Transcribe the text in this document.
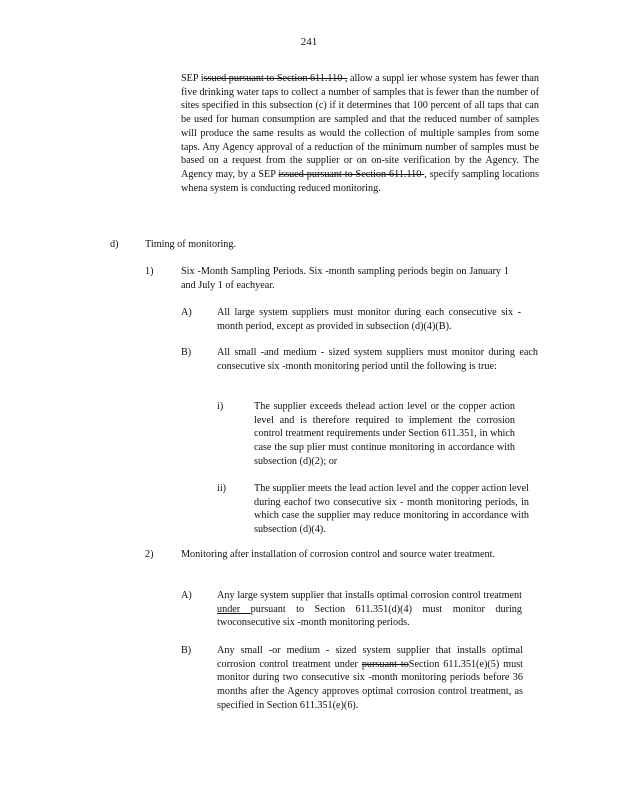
241
SEP issued pursuant to Section 611.110 , allow a suppl ier whose system has fewer than five drinking water taps to collect a number of samples that is fewer than the number of sites specified in this subsection (c) if it determines that 100 percent of all taps that can be used for human consumption are sampled and that the reduced number of samples will produce the same results as would the collection of multiple samples from some taps. Any Agency approval of a reduction of the minimum number of samples must be based on a request from the supplier or on on-site verification by the Agency. The Agency may, by a SEP issued pursuant to Section 611.110 , specify sampling locations whena system is conducting reduced monitoring.
d)	Timing of monitoring.
1)	Six -Month Sampling Periods. Six -month sampling periods begin on January 1 and July 1 of eachyear.
A) All large system suppliers must monitor during each consecutive six -month period, except as provided in subsection (d)(4)(B).
B)	All small -and medium - sized system suppliers must monitor during each consecutive six -month monitoring period until the following is true:
i)	The supplier exceeds thelead action level or the copper action level and is therefore required to implement the corrosion control treatment requirements under Section 611.351, in which case the sup plier must continue monitoring in accordance with subsection (d)(2); or
ii)	The supplier meets the lead action level and the copper action level during eachof two consecutive six - month monitoring periods, in which case the supplier may reduce monitoring in accordance with subsection (d)(4).
2)	Monitoring after installation of corrosion control and source water treatment.
A) Any large system supplier that installs optimal corrosion control treatment under pursuant to Section 611.351(d)(4) must monitor during twoconsecutive six -month monitoring periods.
B)	Any small -or medium - sized system supplier that installs optimal corrosion control treatment under pursuant toSection 611.351(e)(5) must monitor during two consecutive six -month monitoring periods before 36 months after the Agency approves optimal corrosion control treatment, as specified in Section 611.351(e)(6).
